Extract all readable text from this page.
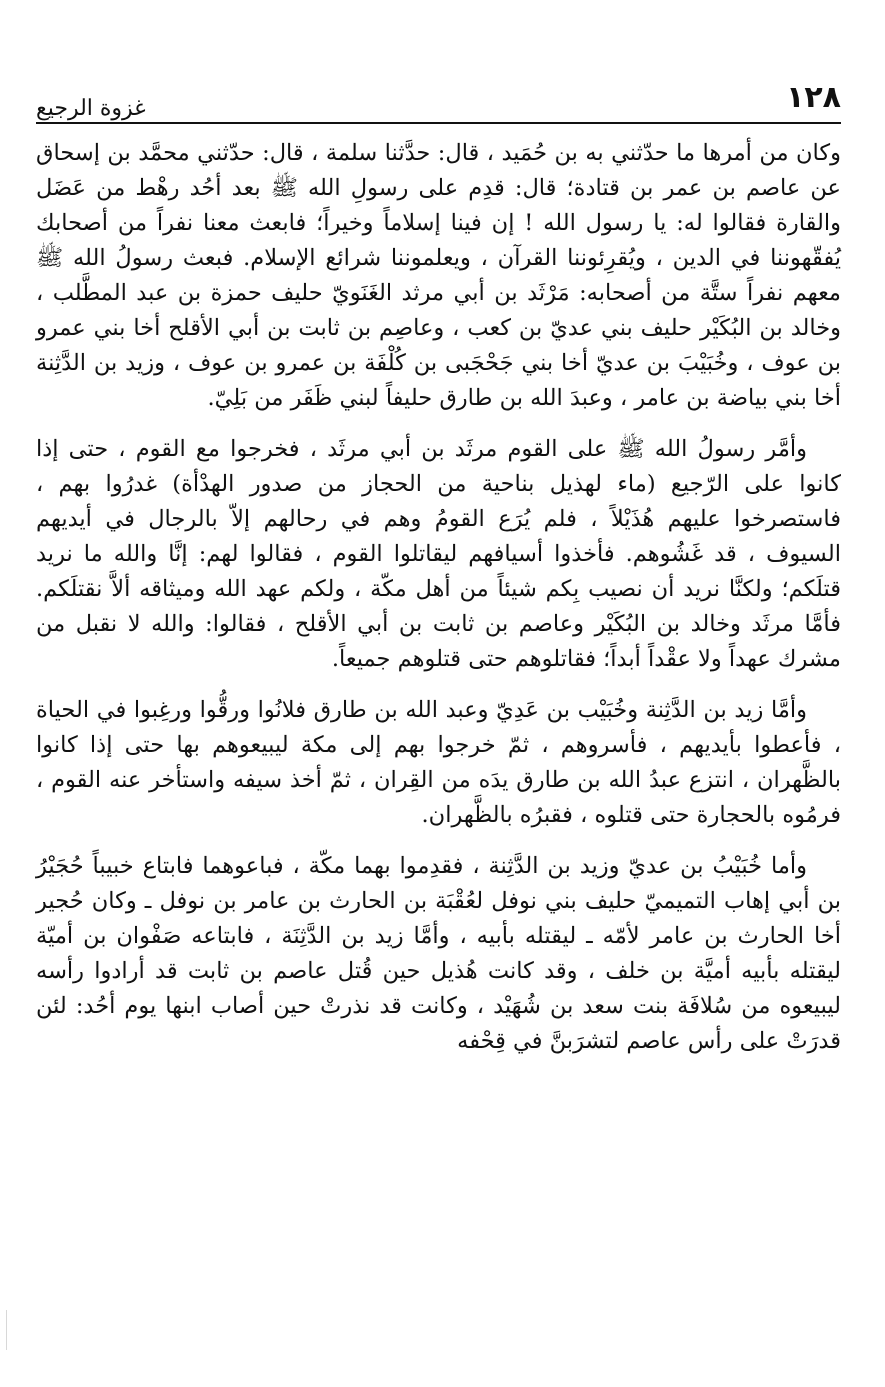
١٢٨
غزوة الرجيع

وكان من أمرها ما حدّثني به بن حُمَيد ، قال: حدَّثنا سلمة ، قال: حدّثني محمَّد بن إسحاق عن عاصم بن عمر بن قتادة؛ قال: قدِم على رسولِ الله ﷺ بعد أحُد رهْط من عَضَل والقارة فقالوا له: يا رسول الله ! إن فينا إسلاماً وخيراً؛ فابعث معنا نفراً من أصحابك يُفقّهوننا في الدين ، ويُقرِئوننا القرآن ، ويعلموننا شرائع الإسلام. فبعث رسولُ الله ﷺ معهم نفراً ستَّة من أصحابه: مَرْثَد بن أبي مرثد الغَنَويّ حليف حمزة بن عبد المطَّلب ، وخالد بن البُكَيْر حليف بني عديّ بن كعب ، وعاصِم بن ثابت بن أبي الأقلح أخا بني عمرو بن عوف ، وخُبَيْبَ بن عديّ أخا بني جَحْجَبى بن كُلْفَة بن عمرو بن عوف ، وزيد بن الدَّثِنة أخا بني بياضة بن عامر ، وعبدَ الله بن طارق حليفاً لبني ظَفَر من بَلِيّ.

وأمَّر رسولُ الله ﷺ على القوم مرثَد بن أبي مرثَد ، فخرجوا مع القوم ، حتى إذا كانوا على الرّجيع (ماء لهذيل بناحية من الحجاز من صدور الهدْأة) غدرُوا بهم ، فاستصرخوا عليهم هُذَيْلاً ، فلم يُرَع القومُ وهم في رحالهم إلاّ بالرجال في أيديهم السيوف ، قد غَشُوهم. فأخذوا أسيافهم ليقاتلوا القوم ، فقالوا لهم: إنَّا والله ما نريد قتلَكم؛ ولكنَّا نريد أن نصيب بِكم شيئاً من أهل مكّة ، ولكم عهد الله وميثاقه ألاَّ نقتلَكم. فأمَّا مرثَد وخالد بن البُكَيْر وعاصم بن ثابت بن أبي الأقلح ، فقالوا: والله لا نقبل من مشرك عهداً ولا عقْداً أبداً؛ فقاتلوهم حتى قتلوهم جميعاً.

وأمَّا زيد بن الدَّثِنة وخُبَيْب بن عَدِيّ وعبد الله بن طارق فلانُوا ورقُّوا ورغِبوا في الحياة ، فأعطوا بأيديهم ، فأسروهم ، ثمّ خرجوا بهم إلى مكة ليبيعوهم بها حتى إذا كانوا بالظَّهران ، انتزع عبدُ الله بن طارق يدَه من القِران ، ثمّ أخذ سيفه واستأخر عنه القوم ، فرمُوه بالحجارة حتى قتلوه ، فقبرُه بالظَّهران.

وأما خُبَيْبُ بن عديّ وزيد بن الدَّثِنة ، فقدِموا بهما مكّة ، فباعوهما فابتاع خبيباً حُجَيْرُ بن أبي إهاب التميميّ حليف بني نوفل لعُقْبَة بن الحارث بن عامر بن نوفل ـ وكان حُجير أخا الحارث بن عامر لأمّه ـ ليقتله بأبيه ، وأمَّا زيد بن الدَّثِنَة ، فابتاعه صَفْوان بن أميّة ليقتله بأبيه أميَّة بن خلف ، وقد كانت هُذيل حين قُتل عاصم بن ثابت قد أرادوا رأسه ليبيعوه من سُلافَة بنت سعد بن شُهَيْد ، وكانت قد نذرتْ حين أصاب ابنها يوم أحُد: لئن قدرَتْ على رأس عاصم لتشرَبنَّ في قِحْفه
